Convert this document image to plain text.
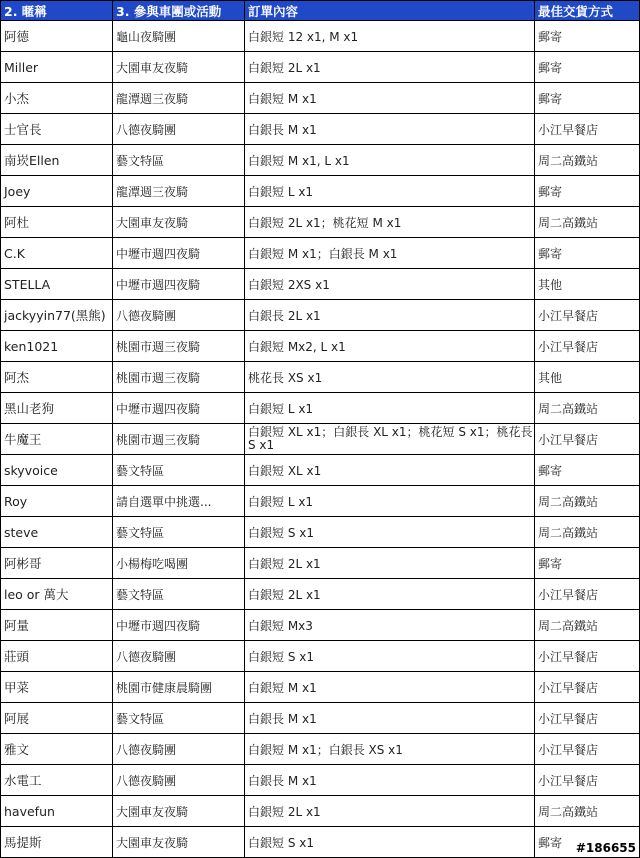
2. 暱稱	3. 參與車團或活動	訂單內容	最佳交貨方式
阿德	龜山夜騎團	白銀短 12 x1, M x1	郵寄
Miller	大園車友夜騎	白銀短 2L x1	郵寄
小杰	龍潭週三夜騎	白銀短 M x1	郵寄
士官長	八德夜騎團	白銀長 M x1	小江早餐店
南崁Ellen	藝文特區	白銀短 M x1, L x1	周二高鐵站
Joey	龍潭週三夜騎	白銀短 L x1	郵寄
阿杜	大園車友夜騎	白銀短 2L x1；桃花短 M x1	周二高鐵站
C.K	中壢市週四夜騎	白銀短 M x1；白銀長 M x1	郵寄
STELLA	中壢市週四夜騎	白銀短 2XS x1	其他
jackyyin77(黑熊)	八德夜騎團	白銀長 2L x1	小江早餐店
ken1021	桃園市週三夜騎	白銀短 Mx2, L x1	小江早餐店
阿杰	桃園市週三夜騎	桃花長 XS x1	其他
黑山老狗	中壢市週四夜騎	白銀短 L x1	周二高鐵站
牛魔王	桃園市週三夜騎	白銀短 XL x1；白銀長 XL x1；桃花短 S x1；桃花長 S x1	小江早餐店
skyvoice	藝文特區	白銀短 XL x1	郵寄
Roy	請自選單中挑選...	白銀短 L x1	周二高鐵站
steve	藝文特區	白銀短 S x1	周二高鐵站
阿彬哥	小楊梅吃喝團	白銀短 2L x1	郵寄
leo or 萬大	藝文特區	白銀短 2L x1	小江早餐店
阿量	中壢市週四夜騎	白銀短 Mx3	周二高鐵站
莊頭	八德夜騎團	白銀短 S x1	小江早餐店
甲菜	桃園市健康晨騎團	白銀短 M x1	小江早餐店
阿展	藝文特區	白銀長 M x1	小江早餐店
雅文	八德夜騎團	白銀短 M x1；白銀長 XS x1	小江早餐店
水電工	八德夜騎團	白銀長 M x1	小江早餐店
havefun	大園車友夜騎	白銀短 2L x1	周二高鐵站
馬提斯	大園車友夜騎	白銀短 S x1	郵寄 #186655
